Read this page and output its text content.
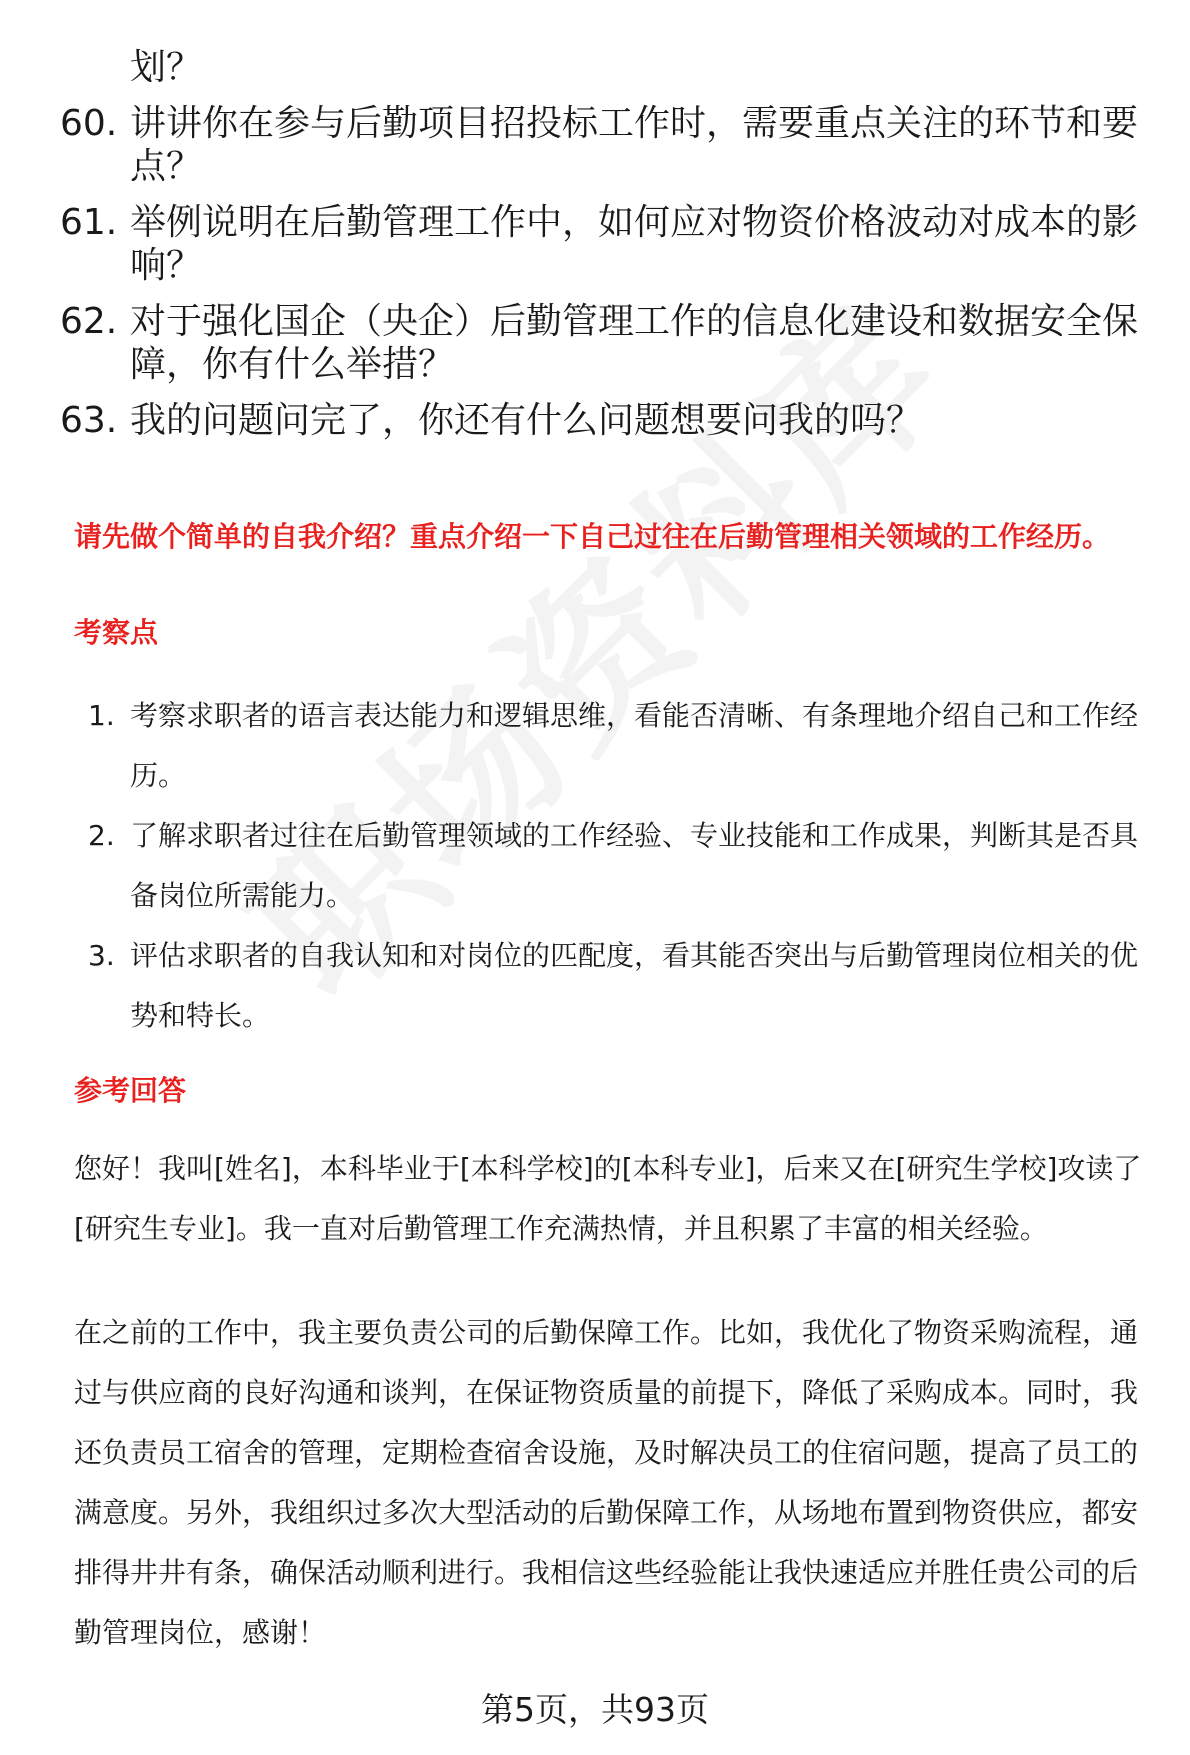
划？
60. 讲讲你在参与后勤项目招投标工作时，需要重点关注的环节和要
点？
61. 举例说明在后勤管理工作中，如何应对物资价格波动对成本的影
响？
62. 对于强化国企（央企）后勤管理工作的信息化建设和数据安全保
障，你有什么举措？
63. 我的问题问完了，你还有什么问题想要问我的吗？
请先做个简单的自我介绍？重点介绍一下自己过往在后勤管理相关领域的工作经历。
考察点
1. 考察求职者的语言表达能力和逻辑思维，看能否清晰、有条理地介绍自己和工作经历。
2. 了解求职者过往在后勤管理领域的工作经验、专业技能和工作成果，判断其是否具备岗位所需能力。
3. 评估求职者的自我认知和对岗位的匹配度，看其能否突出与后勤管理岗位相关的优势和特长。
参考回答
您好！我叫[姓名]，本科毕业于[本科学校]的[本科专业]，后来又在[研究生学校]攻读了[研究生专业]。我一直对后勤管理工作充满热情，并且积累了丰富的相关经验。
在之前的工作中，我主要负责公司的后勤保障工作。比如，我优化了物资采购流程，通过与供应商的良好沟通和谈判，在保证物资质量的前提下，降低了采购成本。同时，我还负责员工宿舍的管理，定期检查宿舍设施，及时解决员工的住宿问题，提高了员工的满意度。另外，我组织过多次大型活动的后勤保障工作，从场地布置到物资供应，都安排得井井有条，确保活动顺利进行。我相信这些经验能让我快速适应并胜任贵公司的后勤管理岗位，感谢！
第5页，共93页
